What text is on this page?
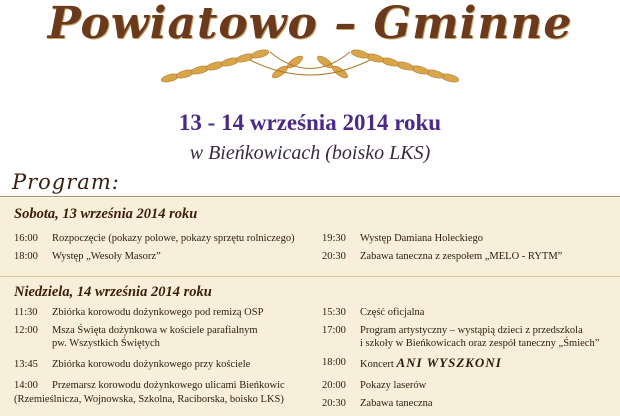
Powiatowo – Gminne
13 - 14 września 2014 roku
w Bieńkowicach (boisko LKS)
Program:
Sobota, 13 września 2014 roku
16:00 Rozpoczęcie (pokazy polowe, pokazy sprzętu rolniczego)
18:00 Występ „Wesoły Masorz”
19:30 Występ Damiana Holeckiego
20:30 Zabawa taneczna z zespołem „MELO - RYTM”
Niedziela, 14 września 2014 roku
11:30 Zbiórka korowodu dożynkowego pod remizą OSP
12:00 Msza Święta dożynkowa w kościele parafialnym
pw. Wszystkich Świętych
13:45 Zbiórka korowodu dożynkowego przy kościele
14:00 Przemarsz korowodu dożynkowego ulicami Bieńkowic
(Rzemieślnicza, Wojnowska, Szkolna, Raciborska, boisko LKS)
15:30 Część oficjalna
17:00 Program artystyczny – wystąpią dzieci z przedszkola
i szkoły w Bieńkowicach oraz zespół taneczny „Śmiech”
18:00 Koncert ANI WYSZKONI
20:00 Pokazy laserów
20:30 Zabawa taneczna
